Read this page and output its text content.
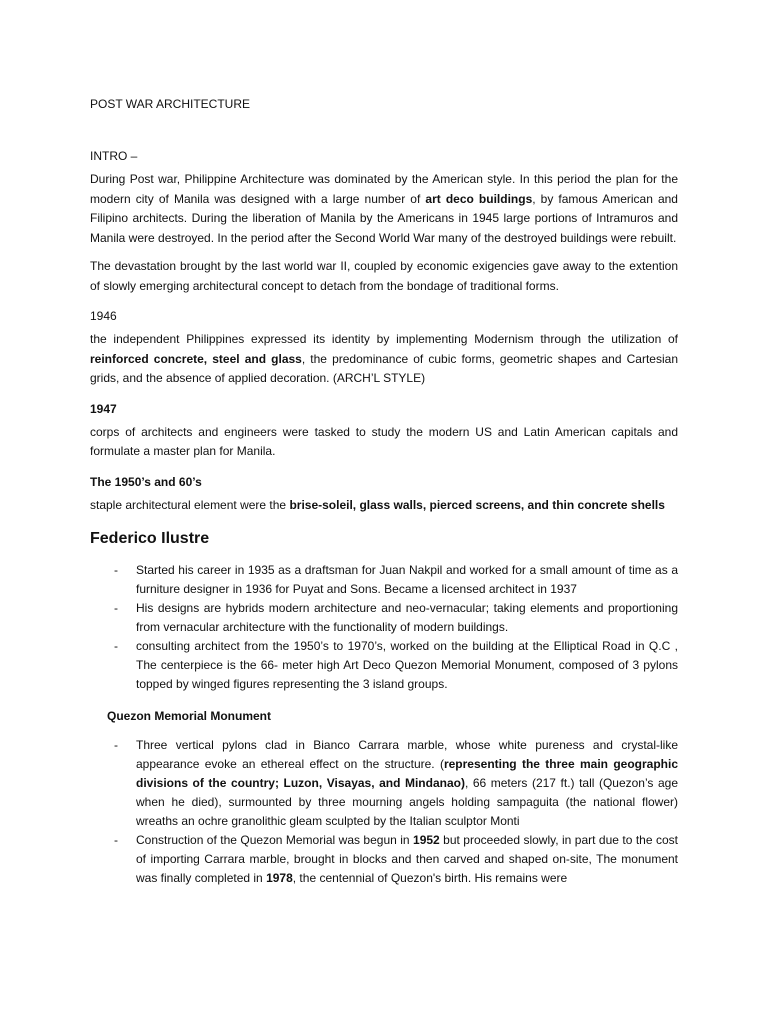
POST WAR ARCHITECTURE
INTRO –

During Post war, Philippine Architecture was dominated by the American style. In this period the plan for the modern city of Manila was designed with a large number of art deco buildings, by famous American and Filipino architects. During the liberation of Manila by the Americans in 1945 large portions of Intramuros and Manila were destroyed. In the period after the Second World War many of the destroyed buildings were rebuilt.

The devastation brought by the last world war II, coupled by economic exigencies gave away to the extention of slowly emerging architectural concept to detach from the bondage of traditional forms.

1946

the independent Philippines expressed its identity by implementing Modernism through the utilization of reinforced concrete, steel and glass, the predominance of cubic forms, geometric shapes and Cartesian grids, and the absence of applied decoration. (ARCH’L STYLE)

1947

corps of architects and engineers were tasked to study the modern US and Latin American capitals and formulate a master plan for Manila.

The 1950’s and 60’s

staple architectural element were the brise-soleil, glass walls, pierced screens, and thin concrete shells

Federico Ilustre
- Started his career in 1935 as a draftsman for Juan Nakpil and worked for a small amount of time as a furniture designer in 1936 for Puyat and Sons. Became a licensed architect in 1937
- His designs are hybrids modern architecture and neo-vernacular; taking elements and proportioning from vernacular architecture with the functionality of modern buildings.
- consulting architect from the 1950’s to 1970’s, worked on the building at the Elliptical Road in Q.C , The centerpiece is the 66- meter high Art Deco Quezon Memorial Monument, composed of 3 pylons topped by winged figures representing the 3 island groups.
Quezon Memorial Monument
- Three vertical pylons clad in Bianco Carrara marble, whose white pureness and crystal-like appearance evoke an ethereal effect on the structure. (representing the three main geographic divisions of the country; Luzon, Visayas, and Mindanao), 66 meters (217 ft.) tall (Quezon’s age when he died), surmounted by three mourning angels holding sampaguita (the national flower) wreaths an ochre granolithic gleam sculpted by the Italian sculptor Monti
- Construction of the Quezon Memorial was begun in 1952 but proceeded slowly, in part due to the cost of importing Carrara marble, brought in blocks and then carved and shaped on-site, The monument was finally completed in 1978, the centennial of Quezon's birth. His remains were
